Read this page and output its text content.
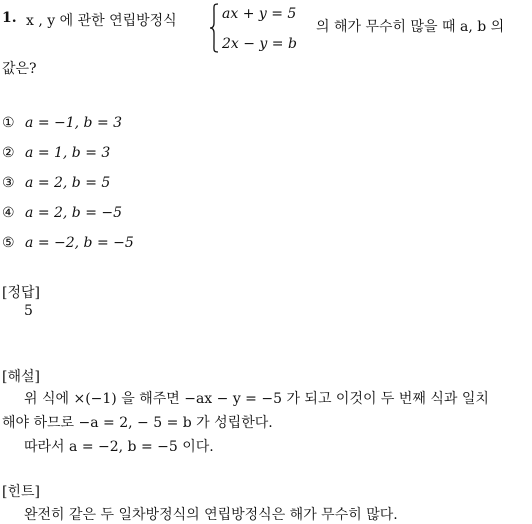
1. x , y 에 관한 연립방정식	ax + y = 5
2x − y = b
의 해가 무수히 많을 때 a, b 의
값은?
① a = −1, b = 3
② a = 1, b = 3
③ a = 2, b = 5
④ a = 2, b = −5
⑤ a = −2, b = −5
[정답]
5
[해설]
위 식에 ×(−1) 을 해주면 −ax − y = −5 가 되고 이것이 두 번째 식과 일치
해야 하므로 −a = 2, − 5 = b 가 성립한다.
따라서 a = −2, b = −5 이다.
[힌트]
완전히 같은 두 일차방정식의 연립방정식은 해가 무수히 많다.
